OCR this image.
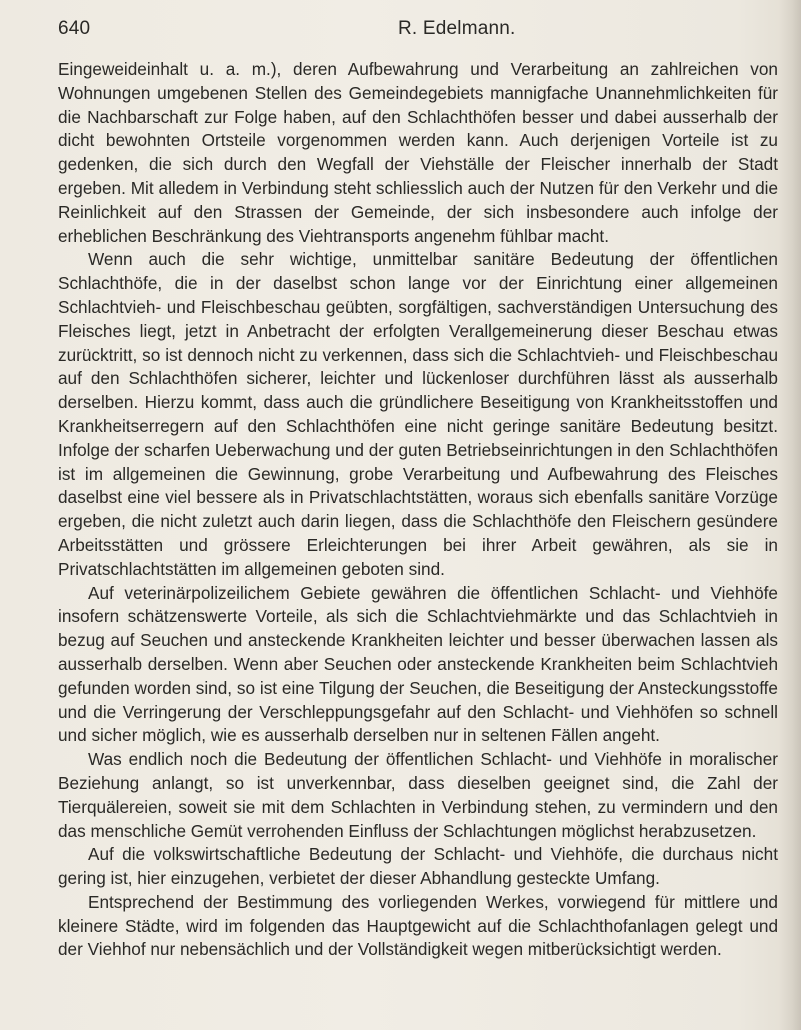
640	R. Edelmann.

Eingeweideinhalt u. a. m.), deren Aufbewahrung und Verarbeitung an zahlreichen von Wohnungen umgebenen Stellen des Gemeindegebiets mannigfache Unannehmlichkeiten für die Nachbarschaft zur Folge haben, auf den Schlachthöfen besser und dabei ausserhalb der dicht bewohnten Ortsteile vorgenommen werden kann. Auch derjenigen Vorteile ist zu gedenken, die sich durch den Wegfall der Viehställe der Fleischer innerhalb der Stadt ergeben. Mit alledem in Verbindung steht schliesslich auch der Nutzen für den Verkehr und die Reinlichkeit auf den Strassen der Gemeinde, der sich insbesondere auch infolge der erheblichen Beschränkung des Viehtransports angenehm fühlbar macht.

Wenn auch die sehr wichtige, unmittelbar sanitäre Bedeutung der öffentlichen Schlachthöfe, die in der daselbst schon lange vor der Einrichtung einer allgemeinen Schlachtvieh- und Fleischbeschau geübten, sorgfältigen, sachverständigen Untersuchung des Fleisches liegt, jetzt in Anbetracht der erfolgten Verallgemeinerung dieser Beschau etwas zurücktritt, so ist dennoch nicht zu verkennen, dass sich die Schlachtvieh- und Fleischbeschau auf den Schlachthöfen sicherer, leichter und lückenloser durchführen lässt als ausserhalb derselben. Hierzu kommt, dass auch die gründlichere Beseitigung von Krankheitsstoffen und Krankheitserregern auf den Schlachthöfen eine nicht geringe sanitäre Bedeutung besitzt. Infolge der scharfen Ueberwachung und der guten Betriebseinrichtungen in den Schlachthöfen ist im allgemeinen die Gewinnung, grobe Verarbeitung und Aufbewahrung des Fleisches daselbst eine viel bessere als in Privatschlachtstätten, woraus sich ebenfalls sanitäre Vorzüge ergeben, die nicht zuletzt auch darin liegen, dass die Schlachthöfe den Fleischern gesündere Arbeitsstätten und grössere Erleichterungen bei ihrer Arbeit gewähren, als sie in Privatschlachtstätten im allgemeinen geboten sind.

Auf veterinärpolizeilichem Gebiete gewähren die öffentlichen Schlacht- und Viehhöfe insofern schätzenswerte Vorteile, als sich die Schlachtviehmärkte und das Schlachtvieh in bezug auf Seuchen und ansteckende Krankheiten leichter und besser überwachen lassen als ausserhalb derselben. Wenn aber Seuchen oder ansteckende Krankheiten beim Schlachtvieh gefunden worden sind, so ist eine Tilgung der Seuchen, die Beseitigung der Ansteckungsstoffe und die Verringerung der Verschleppungsgefahr auf den Schlacht- und Viehhöfen so schnell und sicher möglich, wie es ausserhalb derselben nur in seltenen Fällen angeht.

Was endlich noch die Bedeutung der öffentlichen Schlacht- und Viehhöfe in moralischer Beziehung anlangt, so ist unverkennbar, dass dieselben geeignet sind, die Zahl der Tierquälereien, soweit sie mit dem Schlachten in Verbindung stehen, zu vermindern und den das menschliche Gemüt verrohenden Einfluss der Schlachtungen möglichst herabzusetzen.

Auf die volkswirtschaftliche Bedeutung der Schlacht- und Viehhöfe, die durchaus nicht gering ist, hier einzugehen, verbietet der dieser Abhandlung gesteckte Umfang.

Entsprechend der Bestimmung des vorliegenden Werkes, vorwiegend für mittlere und kleinere Städte, wird im folgenden das Hauptgewicht auf die Schlachthofanlagen gelegt und der Viehhof nur nebensächlich und der Vollständigkeit wegen mitberücksichtigt werden.
